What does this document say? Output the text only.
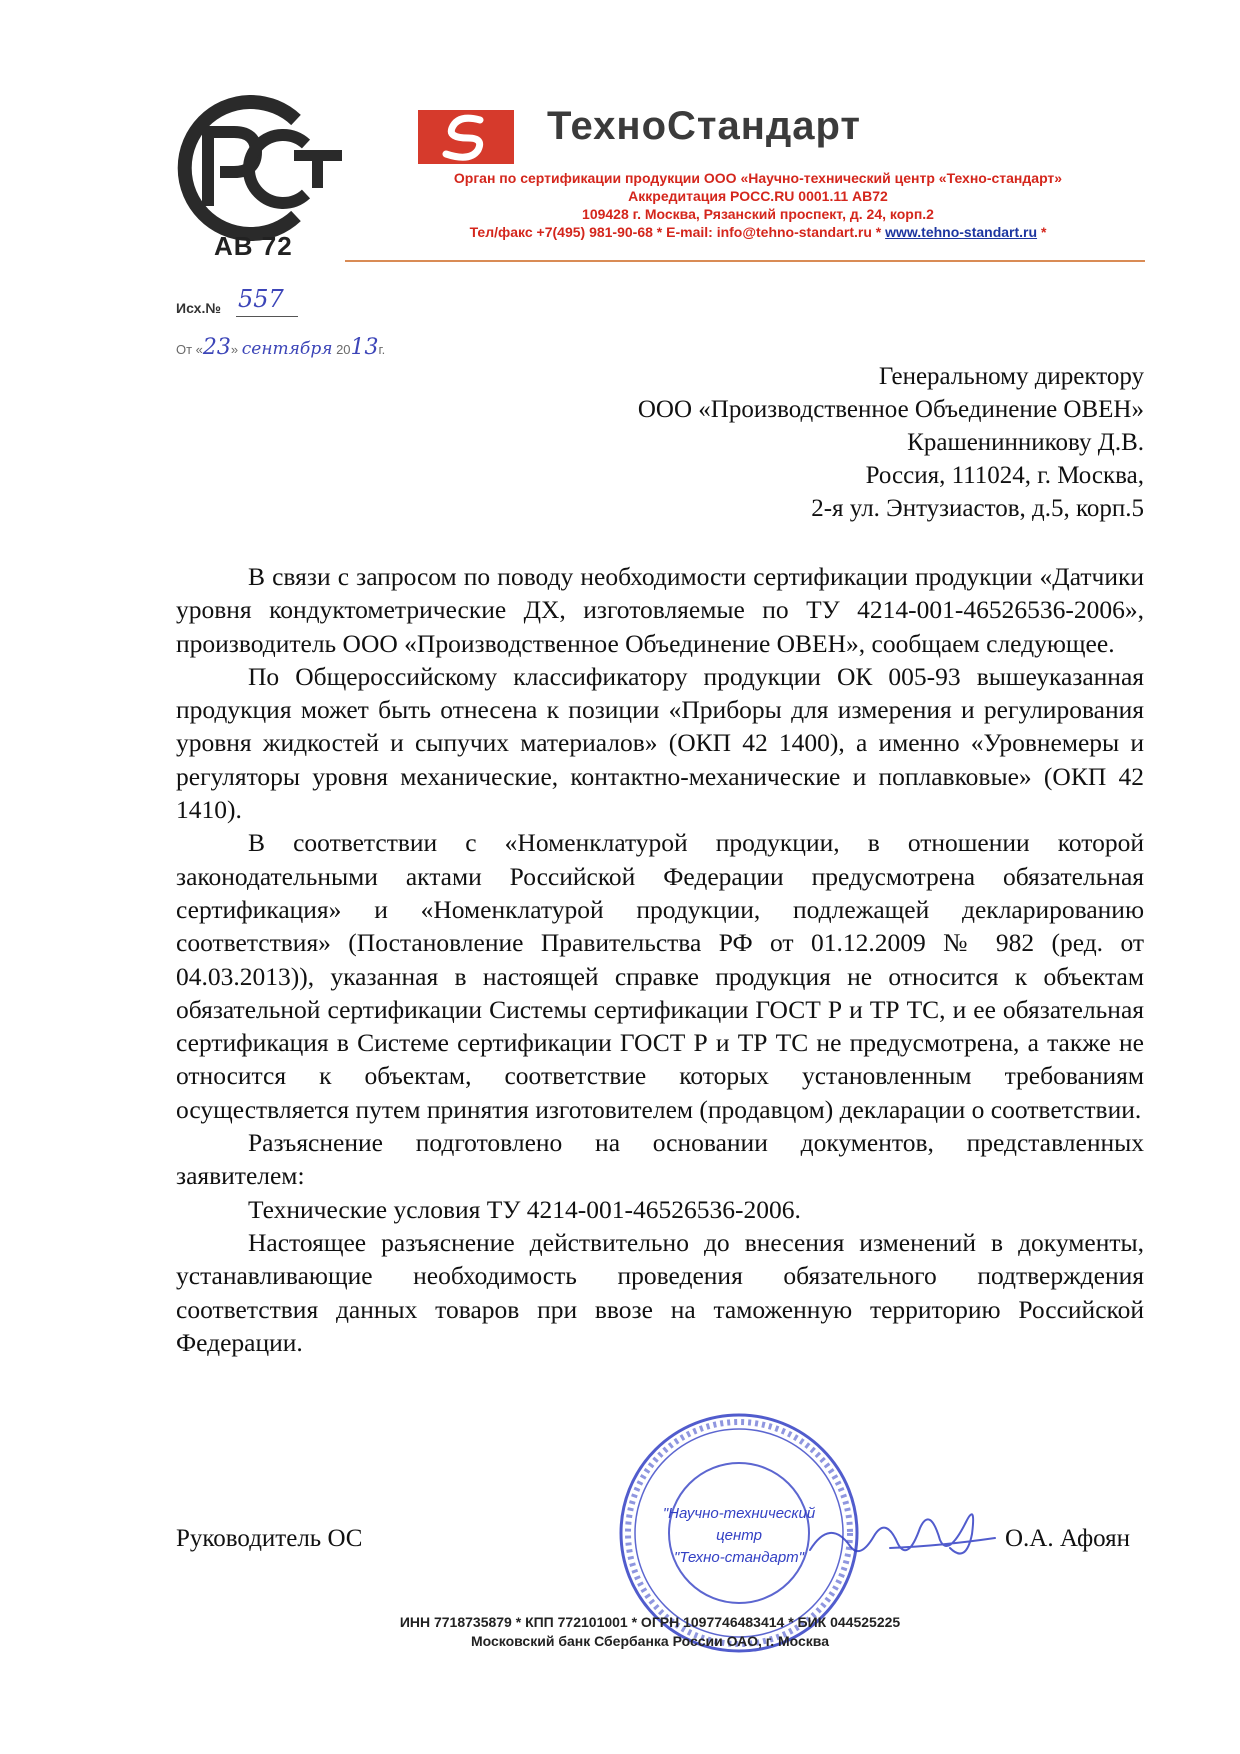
АВ 72
ТехноСтандарт
Орган по сертификации продукции ООО «Научно-технический центр «Техно-стандарт»
Аккредитация РОСС.RU 0001.11 АВ72
109428 г. Москва, Рязанский проспект, д. 24, корп.2
Тел/факс +7(495) 981-90-68 * E-mail: info@tehno-standart.ru * www.tehno-standart.ru *
Исх.№ 557
От «23» сентября 2013г.
Генеральному директору
ООО «Производственное Объединение ОВЕН»
Крашенинникову Д.В.
Россия, 111024, г. Москва,
2-я ул. Энтузиастов, д.5, корп.5

В связи с запросом по поводу необходимости сертификации продукции «Датчики уровня кондуктометрические ДХ, изготовляемые по ТУ 4214-001-46526536-2006», производитель ООО «Производственное Объединение ОВЕН», сообщаем следующее.

По Общероссийскому классификатору продукции ОК 005-93 вышеуказанная продукция может быть отнесена к позиции «Приборы для измерения и регулирования уровня жидкостей и сыпучих материалов» (ОКП 42 1400), а именно «Уровнемеры и регуляторы уровня механические, контактно-механические и поплавковые» (ОКП 42 1410).

В соответствии с «Номенклатурой продукции, в отношении которой законодательными актами Российской Федерации предусмотрена обязательная сертификация» и «Номенклатурой продукции, подлежащей декларированию соответствия» (Постановление Правительства РФ от 01.12.2009 № 982 (ред. от 04.03.2013)), указанная в настоящей справке продукция не относится к объектам обязательной сертификации Системы сертификации ГОСТ Р и ТР ТС, и ее обязательная сертификация в Системе сертификации ГОСТ Р и ТР ТС не предусмотрена, а также не относится к объектам, соответствие которых установленным требованиям осуществляется путем принятия изготовителем (продавцом) декларации о соответствии.

Разъяснение подготовлено на основании документов, представленных заявителем:

Технические условия ТУ 4214-001-46526536-2006.

Настоящее разъяснение действительно до внесения изменений в документы, устанавливающие необходимость проведения обязательного подтверждения соответствия данных товаров при ввозе на таможенную территорию Российской Федерации.

"Научно-технический
центр
"Техно-стандарт"
Руководитель ОС	О.А. Афоян
ИНН 7718735879 * КПП 772101001 * ОГРН 1097746483414 * БИК 044525225
Московский банк Сбербанка России ОАО, г. Москва
